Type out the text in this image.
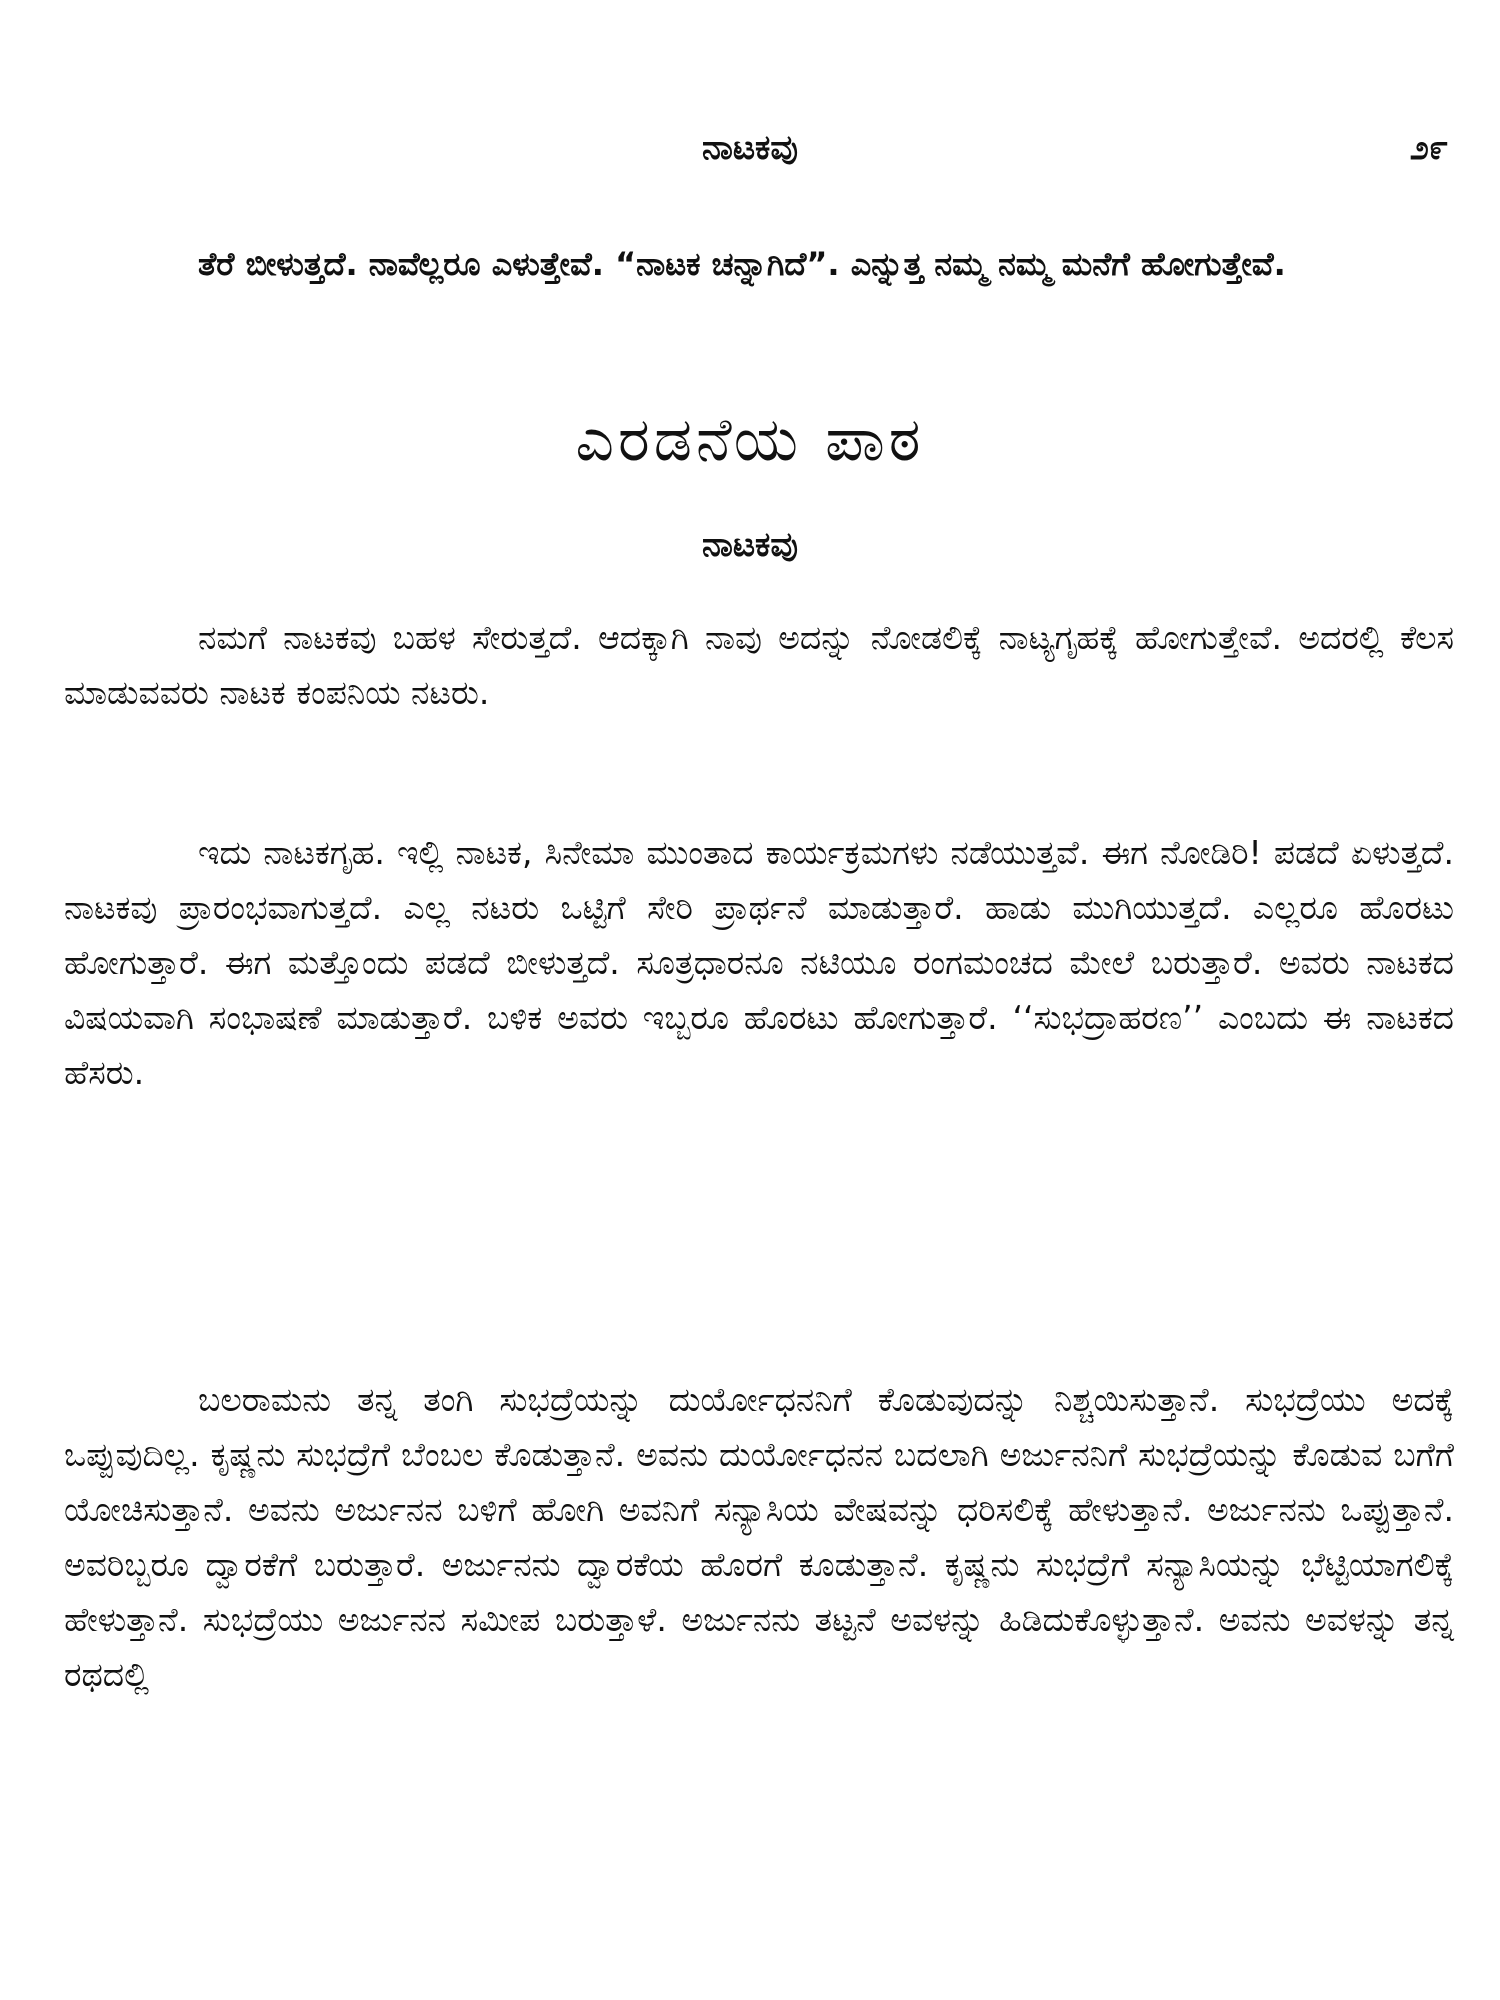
ನಾಟಕವು	೨೯

ತೆರೆ ಬೀಳುತ್ತದೆ. ನಾವೆಲ್ಲರೂ ಎಳುತ್ತೇವೆ. “ನಾಟಕ ಚನ್ನಾಗಿದೆ”. ಎನ್ನುತ್ತ ನಮ್ಮ ನಮ್ಮ ಮನೆಗೆ ಹೋಗುತ್ತೇವೆ.

ಎರಡನೆಯ ಪಾಠ
ನಾಟಕವು

ನಮಗೆ ನಾಟಕವು ಬಹಳ ಸೇರುತ್ತದೆ. ಆದಕ್ಕಾಗಿ ನಾವು ಅದನ್ನು ನೋಡಲಿಕ್ಕೆ ನಾಟ್ಯಗೃಹಕ್ಕೆ ಹೋಗುತ್ತೇವೆ. ಅದರಲ್ಲಿ ಕೆಲಸ ಮಾಡುವವರು ನಾಟಕ ಕಂಪನಿಯ ನಟರು.

ಇದು ನಾಟಕಗೃಹ. ಇಲ್ಲಿ ನಾಟಕ, ಸಿನೇಮಾ ಮುಂತಾದ ಕಾರ್ಯಕ್ರಮಗಳು ನಡೆಯುತ್ತವೆ. ಈಗ ನೋಡಿರಿ! ಪಡದೆ ಏಳುತ್ತದೆ. ನಾಟಕವು ಪ್ರಾರಂಭವಾಗುತ್ತದೆ. ಎಲ್ಲ ನಟರು ಒಟ್ಟಿಗೆ ಸೇರಿ ಪ್ರಾರ್ಥನೆ ಮಾಡುತ್ತಾರೆ. ಹಾಡು ಮುಗಿಯುತ್ತದೆ. ಎಲ್ಲರೂ ಹೊರಟು ಹೋಗುತ್ತಾರೆ. ಈಗ ಮತ್ತೊಂದು ಪಡದೆ ಬೀಳುತ್ತದೆ. ಸೂತ್ರಧಾರನೂ ನಟಿಯೂ ರಂಗಮಂಚದ ಮೇಲೆ ಬರುತ್ತಾರೆ. ಅವರು ನಾಟಕದ ವಿಷಯವಾಗಿ ಸಂಭಾಷಣೆ ಮಾಡುತ್ತಾರೆ. ಬಳಿಕ ಅವರು ಇಬ್ಬರೂ ಹೊರಟು ಹೋಗುತ್ತಾರೆ. ‘‘ಸುಭದ್ರಾಹರಣ’’ ಎಂಬದು ಈ ನಾಟಕದ ಹೆಸರು.

ಬಲರಾಮನು ತನ್ನ ತಂಗಿ ಸುಭದ್ರೆಯನ್ನು ದುರ್ಯೋಧನನಿಗೆ ಕೊಡುವುದನ್ನು ನಿಶ್ಚಯಿಸುತ್ತಾನೆ. ಸುಭದ್ರೆಯು ಅದಕ್ಕೆ ಒಪ್ಪುವುದಿಲ್ಲ. ಕೃಷ್ಣನು ಸುಭದ್ರೆಗೆ ಬೆಂಬಲ ಕೊಡುತ್ತಾನೆ. ಅವನು ದುರ್ಯೋಧನನ ಬದಲಾಗಿ ಅರ್ಜುನನಿಗೆ ಸುಭದ್ರೆಯನ್ನು ಕೊಡುವ ಬಗೆಗೆ ಯೋಚಿಸುತ್ತಾನೆ. ಅವನು ಅರ್ಜುನನ ಬಳಿಗೆ ಹೋಗಿ ಅವನಿಗೆ ಸನ್ಯಾಸಿಯ ವೇಷವನ್ನು ಧರಿಸಲಿಕ್ಕೆ ಹೇಳುತ್ತಾನೆ. ಅರ್ಜುನನು ಒಪ್ಪುತ್ತಾನೆ. ಅವರಿಬ್ಬರೂ ದ್ವಾರಕೆಗೆ ಬರುತ್ತಾರೆ. ಅರ್ಜುನನು ದ್ವಾರಕೆಯ ಹೊರಗೆ ಕೂಡುತ್ತಾನೆ. ಕೃಷ್ಣನು ಸುಭದ್ರೆಗೆ ಸನ್ಯಾಸಿಯನ್ನು ಭೆಟ್ಟಿಯಾಗಲಿಕ್ಕೆ ಹೇಳುತ್ತಾನೆ. ಸುಭದ್ರೆಯು ಅರ್ಜುನನ ಸಮೀಪ ಬರುತ್ತಾಳೆ. ಅರ್ಜುನನು ತಟ್ಟನೆ ಅವಳನ್ನು ಹಿಡಿದುಕೊಳ್ಳುತ್ತಾನೆ. ಅವನು ಅವಳನ್ನು ತನ್ನ ರಥದಲ್ಲಿ
